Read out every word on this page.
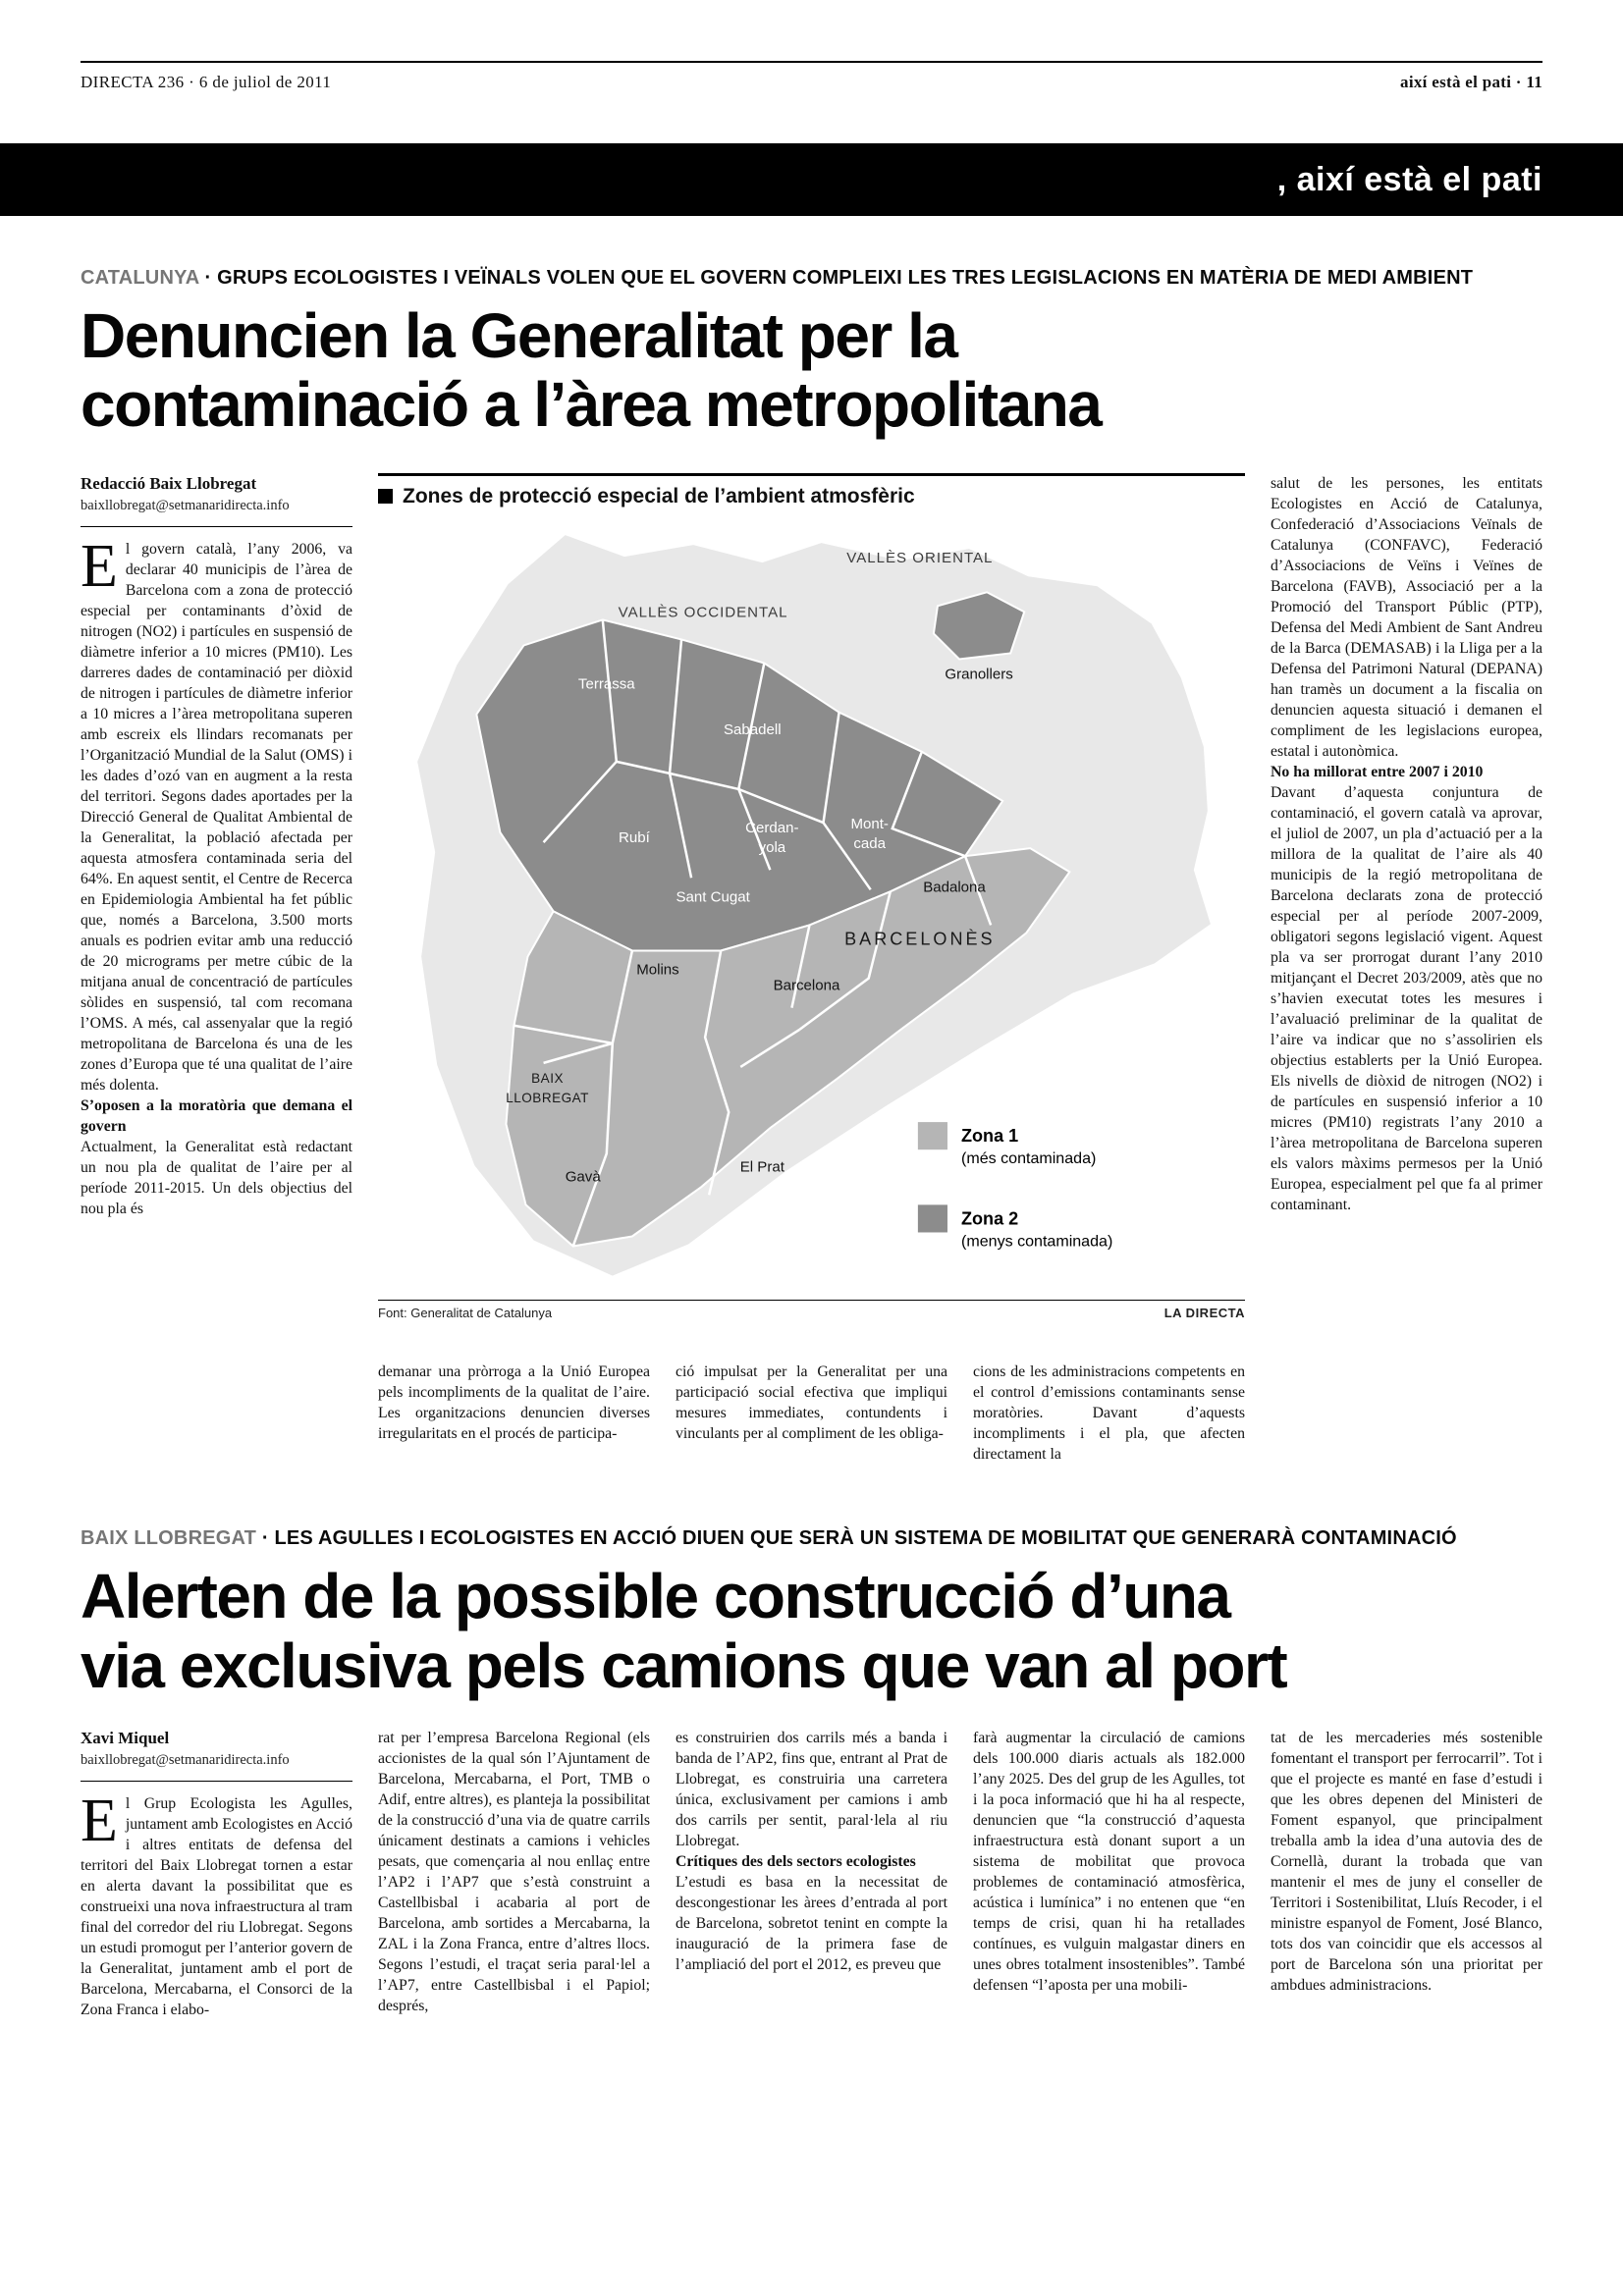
DIRECTA 236 · 6 de juliol de 2011	així està el pati · 11
, així està el pati
CATALUNYA · GRUPS ECOLOGISTES I VEÏNALS VOLEN QUE EL GOVERN COMPLEIXI LES TRES LEGISLACIONS EN MATÈRIA DE MEDI AMBIENT
Denuncien la Generalitat per la
contaminació a l’àrea metropolitana
Redacció Baix Llobregat
baixllobregat@setmanaridirecta.info

El govern català, l’any 2006, va declarar 40 municipis de l’àrea de Barcelona com a zona de protecció especial per contaminants d’òxid de nitrogen (NO2) i partícules en suspensió de diàmetre inferior a 10 micres (PM10). Les darreres dades de contaminació per diòxid de nitrogen i partícules de diàmetre inferior a 10 micres a l’àrea metropolitana superen amb escreix els llindars recomanats per l’Organització Mundial de la Salut (OMS) i les dades d’ozó van en augment a la resta del territori. Segons dades aportades per la Direcció General de Qualitat Ambiental de la Generalitat, la població afectada per aquesta atmosfera contaminada seria del 64%. En aquest sentit, el Centre de Recerca en Epidemiologia Ambiental ha fet públic que, només a Barcelona, 3.500 morts anuals es podrien evitar amb una reducció de 20 micrograms per metre cúbic de la mitjana anual de concentració de partícules sòlides en suspensió, tal com recomana l’OMS. A més, cal assenyalar que la regió metropolitana de Barcelona és una de les zones d’Europa que té una qualitat de l’aire més dolenta.

S’oposen a la moratòria que demana el govern

Actualment, la Generalitat està redactant un nou pla de qualitat de l’aire per al període 2011-2015. Un dels objectius del nou pla és

Zones de protecció especial de l’ambient atmosfèric
VALLÈS ORIENTAL
VALLÈS OCCIDENTAL
Granollers
Terrassa
Sabadell
Rubí
Cerdan-
yola
Mont-
cada
Sant Cugat
Badalona
BARCELONÈS
Molins
Barcelona
BAIX
LLOBREGAT
Gavà
El Prat
Zona 1
(més contaminada)
Zona 2
(menys contaminada)
Font: Generalitat de Catalunya	LA DIRECTA
demanar una pròrroga a la Unió Europea pels incompliments de la qualitat de l’aire. Les organitzacions denuncien diverses irregularitats en el procés de participa-
ció impulsat per la Generalitat per una participació social efectiva que impliqui mesures immediates, contundents i vinculants per al compliment de les obliga-
cions de les administracions competents en el control d’emissions contaminants sense moratòries. Davant d’aquests incompliments i el pla, que afecten directament la

salut de les persones, les entitats Ecologistes en Acció de Catalunya, Confederació d’Associacions Veïnals de Catalunya (CONFAVC), Federació d’Associacions de Veïns i Veïnes de Barcelona (FAVB), Associació per a la Promoció del Transport Públic (PTP), Defensa del Medi Ambient de Sant Andreu de la Barca (DEMASAB) i la Lliga per a la Defensa del Patrimoni Natural (DEPANA) han tramès un document a la fiscalia on denuncien aquesta situació i demanen el compliment de les legislacions europea, estatal i autonòmica.

No ha millorat entre 2007 i 2010

Davant d’aquesta conjuntura de contaminació, el govern català va aprovar, el juliol de 2007, un pla d’actuació per a la millora de la qualitat de l’aire als 40 municipis de la regió metropolitana de Barcelona declarats zona de protecció especial per al període 2007-2009, obligatori segons legislació vigent. Aquest pla va ser prorrogat durant l’any 2010 mitjançant el Decret 203/2009, atès que no s’havien executat totes les mesures i l’avaluació preliminar de la qualitat de l’aire va indicar que no s’assolirien els objectius establerts per la Unió Europea. Els nivells de diòxid de nitrogen (NO2) i de partícules en suspensió inferior a 10 micres (PM10) registrats l’any 2010 a l’àrea metropolitana de Barcelona superen els valors màxims permesos per la Unió Europea, especialment pel que fa al primer contaminant.

BAIX LLOBREGAT · LES AGULLES I ECOLOGISTES EN ACCIÓ DIUEN QUE SERÀ UN SISTEMA DE MOBILITAT QUE GENERARÀ CONTAMINACIÓ
Alerten de la possible construcció d’una
via exclusiva pels camions que van al port
Xavi Miquel
baixllobregat@setmanaridirecta.info

El Grup Ecologista les Agulles, juntament amb Ecologistes en Acció i altres entitats de defensa del territori del Baix Llobregat tornen a estar en alerta davant la possibilitat que es construeixi una nova infraestructura al tram final del corredor del riu Llobregat. Segons un estudi promogut per l’anterior govern de la Generalitat, juntament amb el port de Barcelona, Mercabarna, el Consorci de la Zona Franca i elabo-

rat per l’empresa Barcelona Regional (els accionistes de la qual són l’Ajuntament de Barcelona, Mercabarna, el Port, TMB o Adif, entre altres), es planteja la possibilitat de la construcció d’una via de quatre carrils únicament destinats a camions i vehicles pesats, que començaria al nou enllaç entre l’AP2 i l’AP7 que s’està construint a Castellbisbal i acabaria al port de Barcelona, amb sortides a Mercabarna, la ZAL i la Zona Franca, entre d’altres llocs. Segons l’estudi, el traçat seria paral·lel a l’AP7, entre Castellbisbal i el Papiol; després,

es construirien dos carrils més a banda i banda de l’AP2, fins que, entrant al Prat de Llobregat, es construiria una carretera única, exclusivament per camions i amb dos carrils per sentit, paral·lela al riu Llobregat.

Crítiques des dels sectors ecologistes

L’estudi es basa en la necessitat de descongestionar les àrees d’entrada al port de Barcelona, sobretot tenint en compte la inauguració de la primera fase de l’ampliació del port el 2012, es preveu que

farà augmentar la circulació de camions dels 100.000 diaris actuals als 182.000 l’any 2025. Des del grup de les Agulles, tot i la poca informació que hi ha al respecte, denuncien que “la construcció d’aquesta infraestructura està donant suport a un sistema de mobilitat que provoca problemes de contaminació atmosfèrica, acústica i lumínica” i no entenen que “en temps de crisi, quan hi ha retallades contínues, es vulguin malgastar diners en unes obres totalment insostenibles”. També defensen “l’aposta per una mobili-
tat de les mercaderies més sostenible fomentant el transport per ferrocarril”. Tot i que el projecte es manté en fase d’estudi i que les obres depenen del Ministeri de Foment espanyol, que principalment treballa amb la idea d’una autovia des de Cornellà, durant la trobada que van mantenir el mes de juny el conseller de Territori i Sostenibilitat, Lluís Recoder, i el ministre espanyol de Foment, José Blanco, tots dos van coincidir que els accessos al port de Barcelona són una prioritat per ambdues administracions.
